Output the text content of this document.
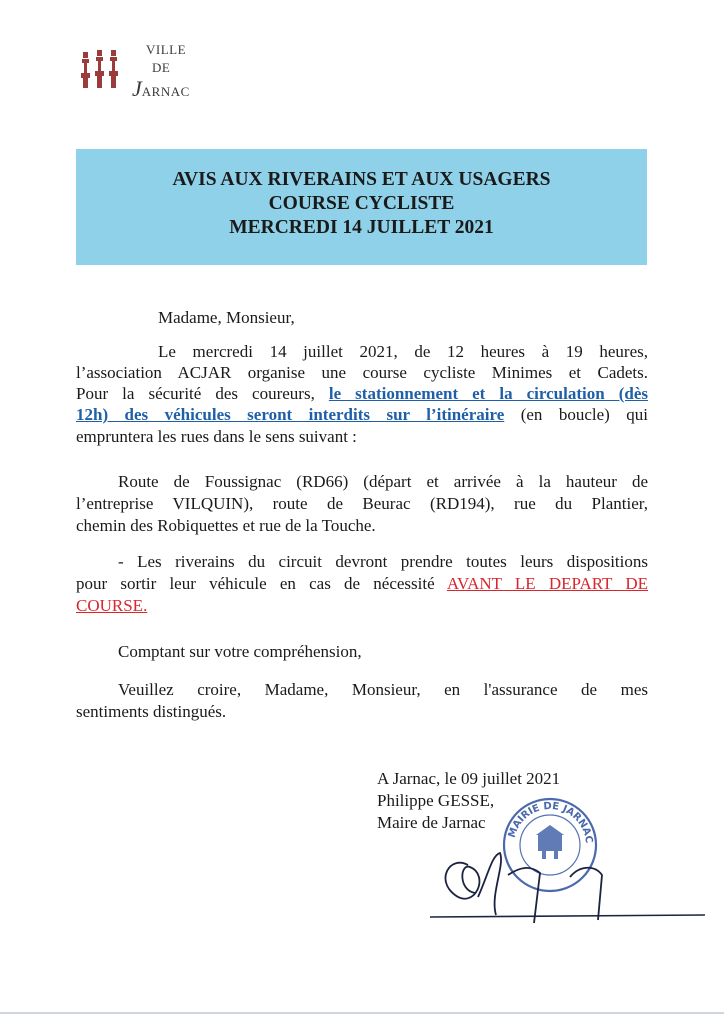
VILLE
DE
JARNAC
AVIS AUX RIVERAINS ET AUX USAGERS
COURSE CYCLISTE
MERCREDI 14 JUILLET 2021
Madame, Monsieur,
Le mercredi 14 juillet 2021, de 12 heures à 19 heures,
l’association ACJAR organise une course cycliste Minimes et Cadets.
Pour la sécurité des coureurs, le stationnement et la circulation (dès
12h) des véhicules seront interdits sur l’itinéraire (en boucle) qui
empruntera les rues dans le sens suivant :
Route de Foussignac (RD66) (départ et arrivée à la hauteur de
l’entreprise VILQUIN), route de Beurac (RD194), rue du Plantier,
chemin des Robiquettes et rue de la Touche.
- Les riverains du circuit devront prendre toutes leurs dispositions
pour sortir leur véhicule en cas de nécessité AVANT LE DEPART DE
COURSE.
Comptant sur votre compréhension,
Veuillez croire, Madame, Monsieur, en l'assurance de mes
sentiments distingués.
A Jarnac, le 09 juillet 2021
Philippe GESSE,
Maire de Jarnac
MAIRIE DE JARNAC
